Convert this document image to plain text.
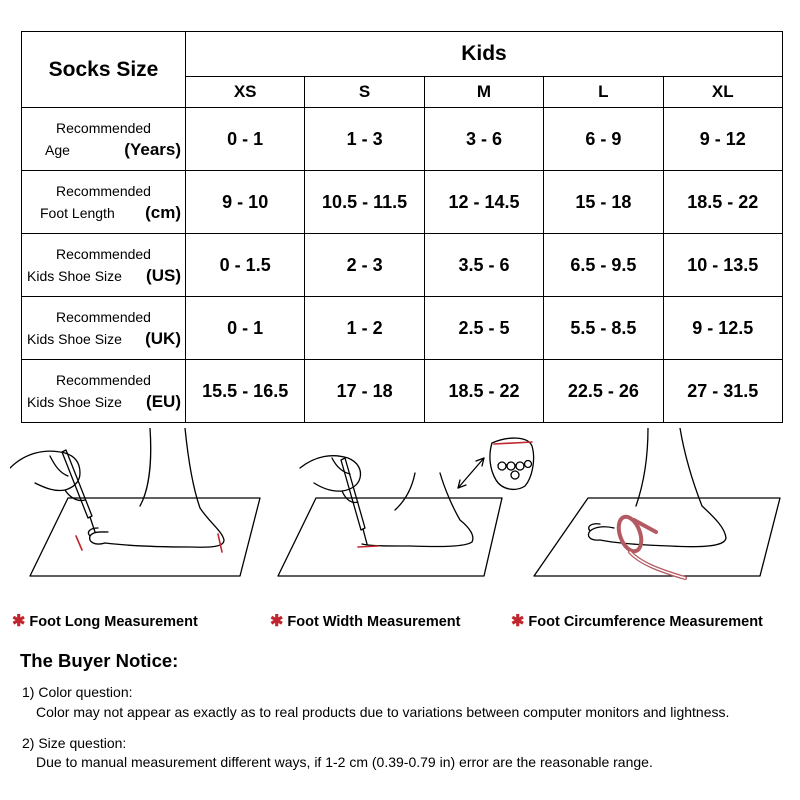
Socks Size	Kids				
	XS	S	M	L	XL

Recommended
Age (Years)	0 - 1	1 - 3	3 - 6	6 - 9	9 - 12

Recommended
Foot Length (cm)	9 - 10	10.5 - 11.5	12 - 14.5	15 - 18	18.5 - 22

Recommended
Kids Shoe Size (US)	0 - 1.5	2 - 3	3.5 - 6	6.5 - 9.5	10 - 13.5

Recommended
Kids Shoe Size (UK)	0 - 1	1 - 2	2.5 - 5	5.5 - 8.5	9 - 12.5

Recommended
Kids Shoe Size (EU)	15.5 - 16.5	17 - 18	18.5 - 22	22.5 - 26	27 - 31.5
✱ Foot Long Measurement	✱ Foot Width Measurement	✱ Foot Circumference Measurement
The Buyer Notice:
1) Color question:
Color may not appear as exactly as to real products due to variations between computer monitors and lightness.
2) Size question:
Due to manual measurement different ways, if 1-2 cm (0.39-0.79 in) error are the reasonable range.
